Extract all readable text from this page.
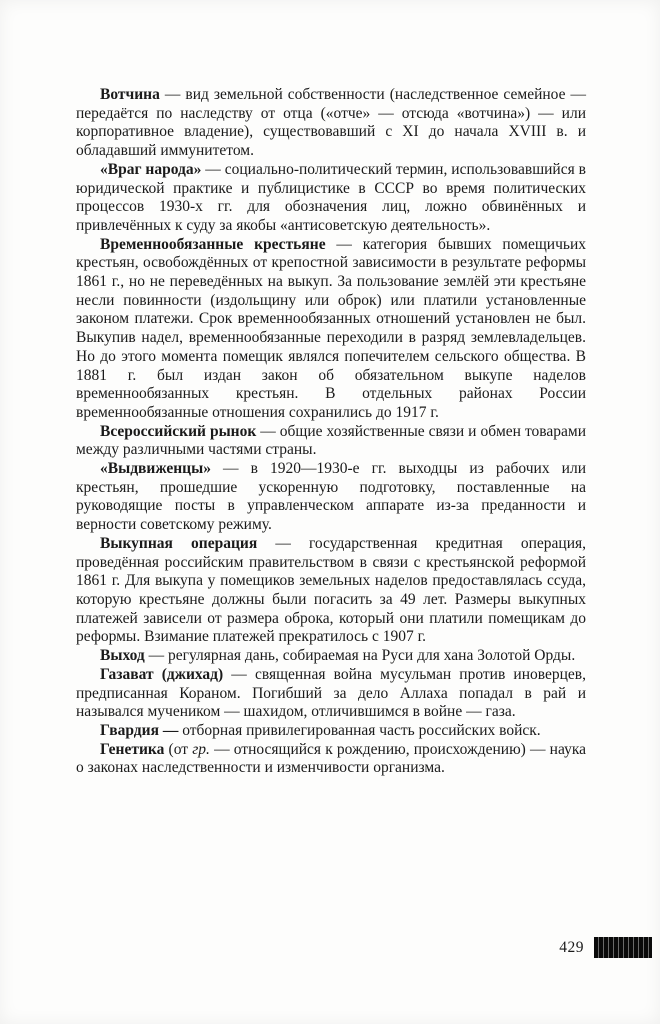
Вотчина — вид земельной собственности (наследственное семейное — передаётся по наследству от отца («отче» — отсюда «вотчина») — или корпоративное владение), существовавший с XI до начала XVIII в. и обладавший иммунитетом.

«Враг народа» — социально-политический термин, использовавшийся в юридической практике и публицистике в СССР во время политических процессов 1930-х гг. для обозначения лиц, ложно обвинённых и привлечённых к суду за якобы «антисоветскую деятельность».

Временнообязанные крестьяне — категория бывших помещичьих крестьян, освобождённых от крепостной зависимости в результате реформы 1861 г., но не переведённых на выкуп. За пользование землёй эти крестьяне несли повинности (издольщину или оброк) или платили установленные законом платежи. Срок временнообязанных отношений установлен не был. Выкупив надел, временнообязанные переходили в разряд землевладельцев. Но до этого момента помещик являлся попечителем сельского общества. В 1881 г. был издан закон об обязательном выкупе наделов временнообязанных крестьян. В отдельных районах России временнообязанные отношения сохранились до 1917 г.

Всероссийский рынок — общие хозяйственные связи и обмен товарами между различными частями страны.

«Выдвиженцы» — в 1920—1930-е гг. выходцы из рабочих или крестьян, прошедшие ускоренную подготовку, поставленные на руководящие посты в управленческом аппарате из-за преданности и верности советскому режиму.

Выкупная операция — государственная кредитная операция, проведённая российским правительством в связи с крестьянской реформой 1861 г. Для выкупа у помещиков земельных наделов предоставлялась ссуда, которую крестьяне должны были погасить за 49 лет. Размеры выкупных платежей зависели от размера оброка, который они платили помещикам до реформы. Взимание платежей прекратилось с 1907 г.

Выход — регулярная дань, собираемая на Руси для хана Золотой Орды.

Газават (джихад) — священная война мусульман против иноверцев, предписанная Кораном. Погибший за дело Аллаха попадал в рай и назывался мучеником — шахидом, отличившимся в войне — газа.

Гвардия — отборная привилегированная часть российских войск.

Генетика (от гр. — относящийся к рождению, происхождению) — наука о законах наследственности и изменчивости организма.

429
